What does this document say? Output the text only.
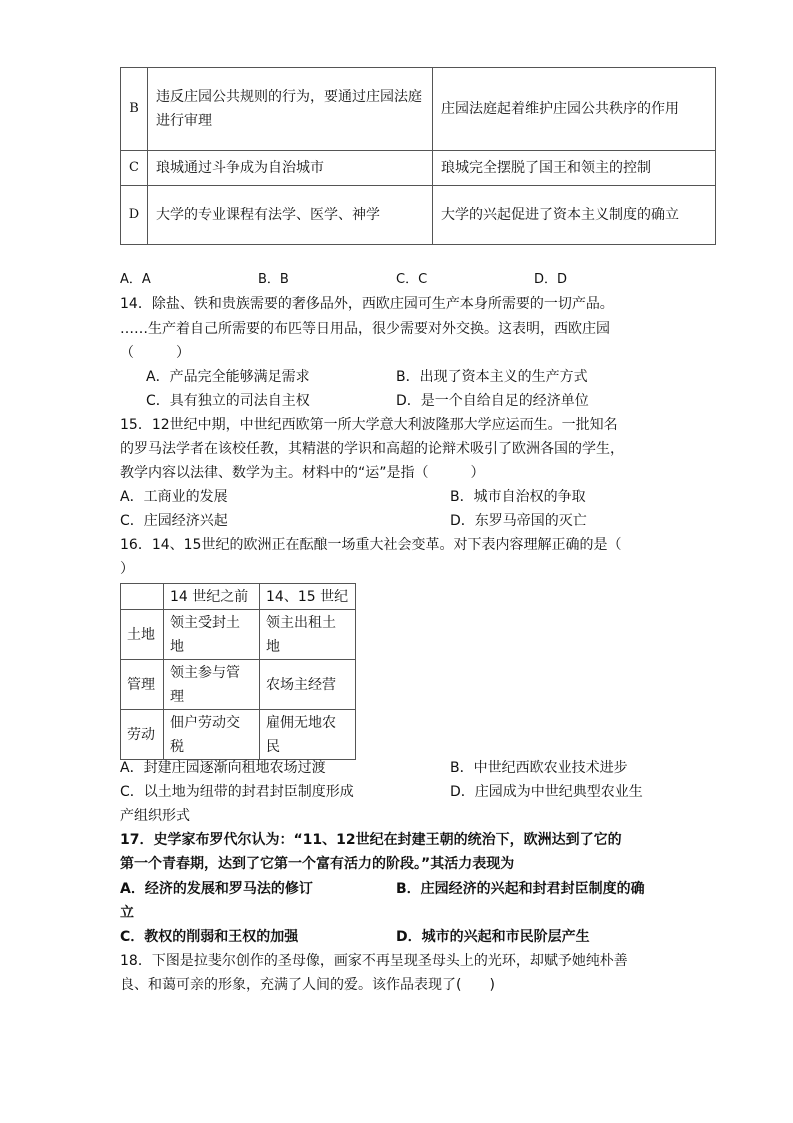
B	违反庄园公共规则的行为，要通过庄园法庭进行审理	庄园法庭起着维护庄园公共秩序的作用
C	琅城通过斗争成为自治城市	琅城完全摆脱了国王和领主的控制
D	大学的专业课程有法学、医学、神学	大学的兴起促进了资本主义制度的确立
A．A	B．B	C．C	D．D
14．除盐、铁和贵族需要的奢侈品外，西欧庄园可生产本身所需要的一切产品。
……生产着自己所需要的布匹等日用品，很少需要对外交换。这表明，西欧庄园
（　　　）
A．产品完全能够满足需求	B．出现了资本主义的生产方式
C．具有独立的司法自主权	D．是一个自给自足的经济单位
15．12世纪中期，中世纪西欧第一所大学意大利波隆那大学应运而生。一批知名
的罗马法学者在该校任教，其精湛的学识和高超的论辩术吸引了欧洲各国的学生，
教学内容以法律、数学为主。材料中的“运”是指（　　　）
A．工商业的发展	B．城市自治权的争取
C．庄园经济兴起	D．东罗马帝国的灭亡
16．14、15世纪的欧洲正在酝酿一场重大社会变革。对下表内容理解正确的是（
）
	14 世纪之前	14、15 世纪
土地	领主受封土地	领主出租土地
管理	领主参与管理	农场主经营
劳动	佃户劳动交税	雇佣无地农民
A．封建庄园逐渐向租地农场过渡	B．中世纪西欧农业技术进步
C．以土地为纽带的封君封臣制度形成	D．庄园成为中世纪典型农业生
产组织形式
17．史学家布罗代尔认为：“11、12世纪在封建王朝的统治下，欧洲达到了它的
第一个青春期，达到了它第一个富有活力的阶段。”其活力表现为
A．经济的发展和罗马法的修订	B．庄园经济的兴起和封君封臣制度的确
立
C．教权的削弱和王权的加强	D．城市的兴起和市民阶层产生
18．下图是拉斐尔创作的圣母像，画家不再呈现圣母头上的光环，却赋予她纯朴善
良、和蔼可亲的形象，充满了人间的爱。该作品表现了(　　)
